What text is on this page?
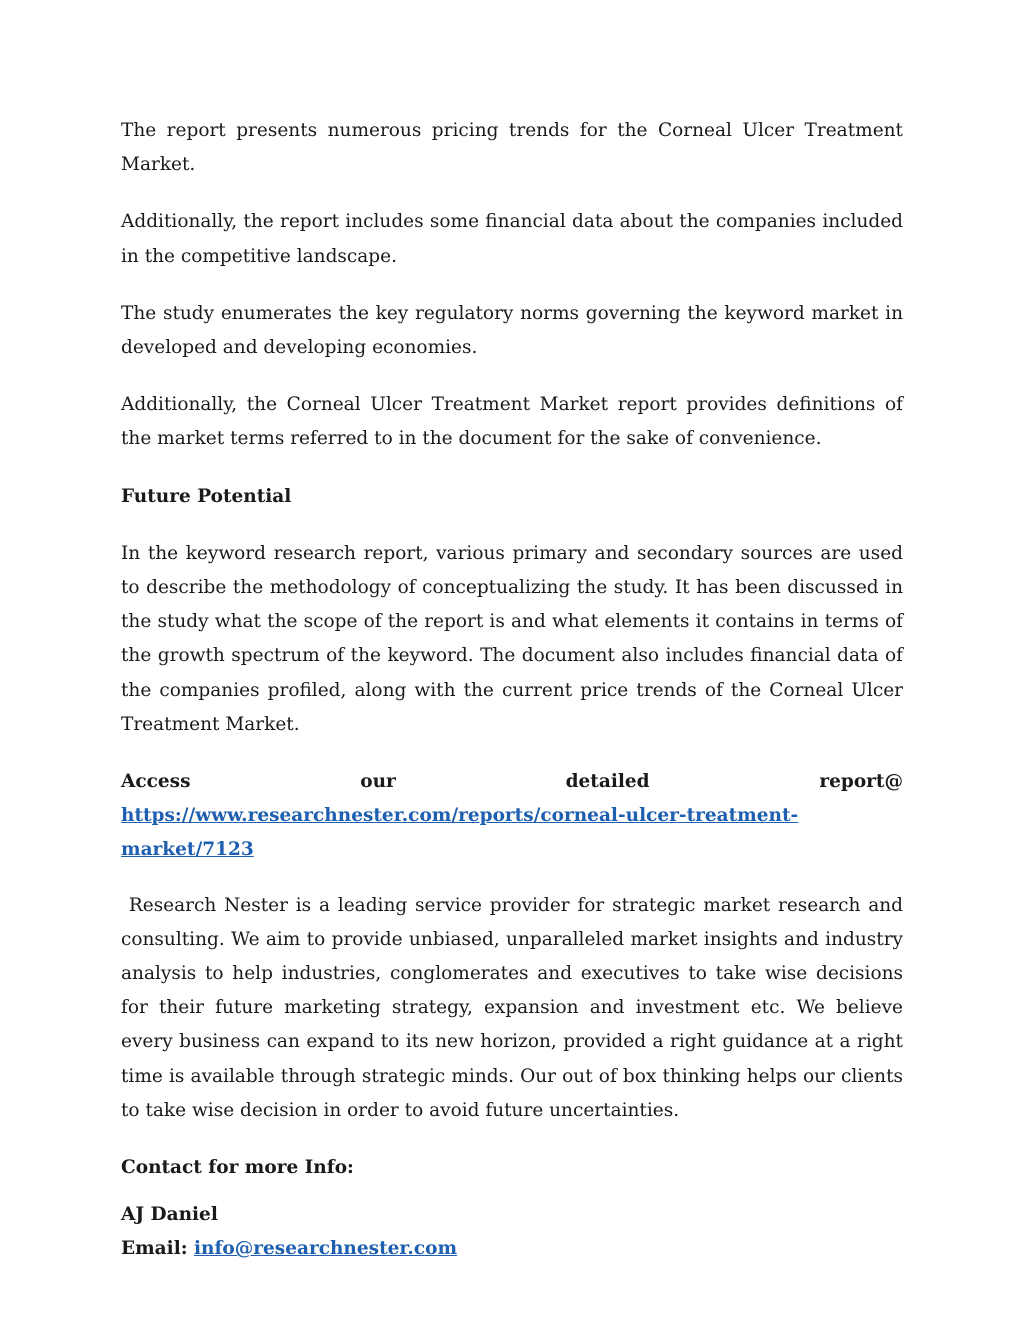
The report presents numerous pricing trends for the Corneal Ulcer Treatment Market.

Additionally, the report includes some financial data about the companies included in the competitive landscape.

The study enumerates the key regulatory norms governing the keyword market in developed and developing economies.

Additionally, the Corneal Ulcer Treatment Market report provides definitions of the market terms referred to in the document for the sake of convenience.

Future Potential

In the keyword research report, various primary and secondary sources are used to describe the methodology of conceptualizing the study. It has been discussed in the study what the scope of the report is and what elements it contains in terms of the growth spectrum of the keyword. The document also includes financial data of the companies profiled, along with the current price trends of the Corneal Ulcer Treatment Market.

Access	our	detailed	report@
https://www.researchnester.com/reports/corneal-ulcer-treatment-
market/7123

Research Nester is a leading service provider for strategic market research and consulting. We aim to provide unbiased, unparalleled market insights and industry analysis to help industries, conglomerates and executives to take wise decisions for their future marketing strategy, expansion and investment etc. We believe every business can expand to its new horizon, provided a right guidance at a right time is available through strategic minds. Our out of box thinking helps our clients to take wise decision in order to avoid future uncertainties.

Contact for more Info:
AJ Daniel
Email: info@researchnester.com
